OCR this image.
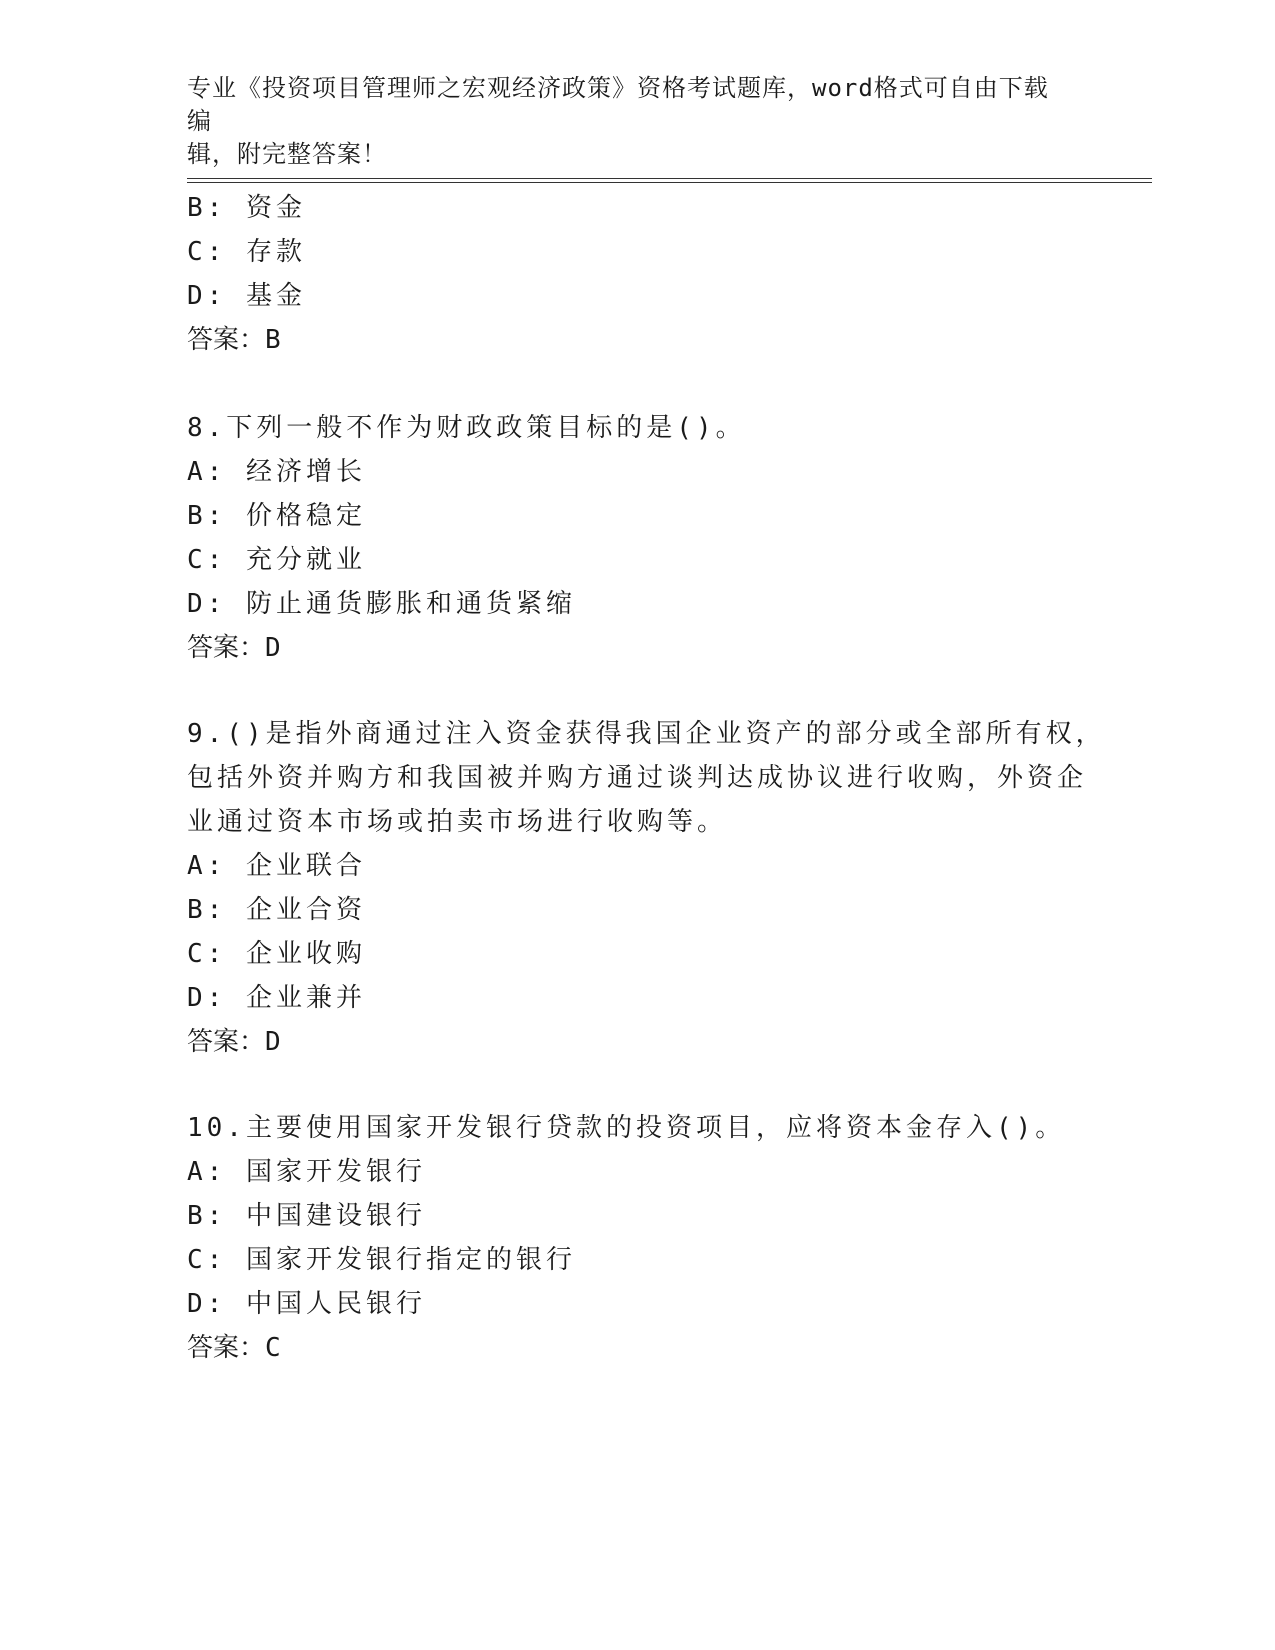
专业《投资项目管理师之宏观经济政策》资格考试题库，word格式可自由下载编
辑，附完整答案！
B: 资金
C: 存款
D: 基金
答案：B
8.下列一般不作为财政政策目标的是()。
A: 经济增长
B: 价格稳定
C: 充分就业
D: 防止通货膨胀和通货紧缩
答案：D
9.()是指外商通过注入资金获得我国企业资产的部分或全部所有权，
包括外资并购方和我国被并购方通过谈判达成协议进行收购，外资企
业通过资本市场或拍卖市场进行收购等。
A: 企业联合
B: 企业合资
C: 企业收购
D: 企业兼并
答案：D
10.主要使用国家开发银行贷款的投资项目，应将资本金存入()。
A: 国家开发银行
B: 中国建设银行
C: 国家开发银行指定的银行
D: 中国人民银行
答案：C
